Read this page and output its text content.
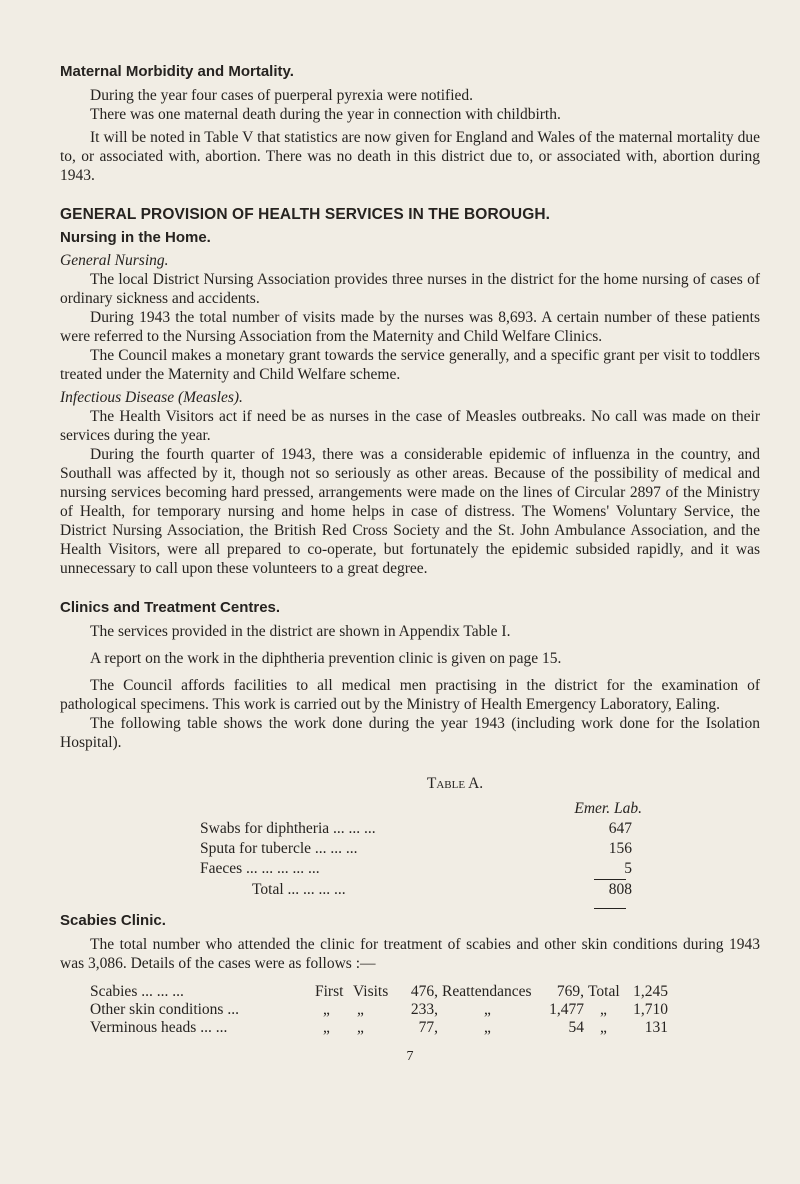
Maternal Morbidity and Mortality.

During the year four cases of puerperal pyrexia were notified.

There was one maternal death during the year in connection with childbirth.

It will be noted in Table V that statistics are now given for England and Wales of the maternal mortality due to, or associated with, abortion. There was no death in this district due to, or associated with, abortion during 1943.

GENERAL PROVISION OF HEALTH SERVICES IN THE BOROUGH.
Nursing in the Home.
General Nursing.

The local District Nursing Association provides three nurses in the district for the home nursing of cases of ordinary sickness and accidents.

During 1943 the total number of visits made by the nurses was 8,693. A certain number of these patients were referred to the Nursing Association from the Maternity and Child Welfare Clinics.

The Council makes a monetary grant towards the service generally, and a specific grant per visit to toddlers treated under the Maternity and Child Welfare scheme.

Infectious Disease (Measles).

The Health Visitors act if need be as nurses in the case of Measles outbreaks. No call was made on their services during the year.

During the fourth quarter of 1943, there was a considerable epidemic of influenza in the country, and Southall was affected by it, though not so seriously as other areas. Because of the possibility of medical and nursing services becoming hard pressed, arrangements were made on the lines of Circular 2897 of the Ministry of Health, for temporary nursing and home helps in case of distress. The Womens' Voluntary Service, the District Nursing Association, the British Red Cross Society and the St. John Ambulance Association, and the Health Visitors, were all prepared to co-operate, but fortunately the epidemic subsided rapidly, and it was unnecessary to call upon these volunteers to a great degree.

Clinics and Treatment Centres.

The services provided in the district are shown in Appendix Table I.

A report on the work in the diphtheria prevention clinic is given on page 15.

The Council affords facilities to all medical men practising in the district for the examination of pathological specimens. This work is carried out by the Ministry of Health Emergency Laboratory, Ealing.

The following table shows the work done during the year 1943 (including work done for the Isolation Hospital).

Table A.
	Emer. Lab.
Swabs for diphtheria ... ... ...	647
Sputa for tubercle ... ... ...	156
Faeces ... ... ... ... ...	5

Total ... ... ... ...	808

Scabies Clinic.

The total number who attended the clinic for treatment of scabies and other skin conditions during 1943 was 3,086. Details of the cases were as follows :—

Scabies ... ... ...	First	Visits	476,	Reattendances	769,	Total	1,245
Other skin conditions ...	„	„	233,	„	1,477	„	1,710
Verminous heads ... ...	„	„	77,	„	54	„	131
7
